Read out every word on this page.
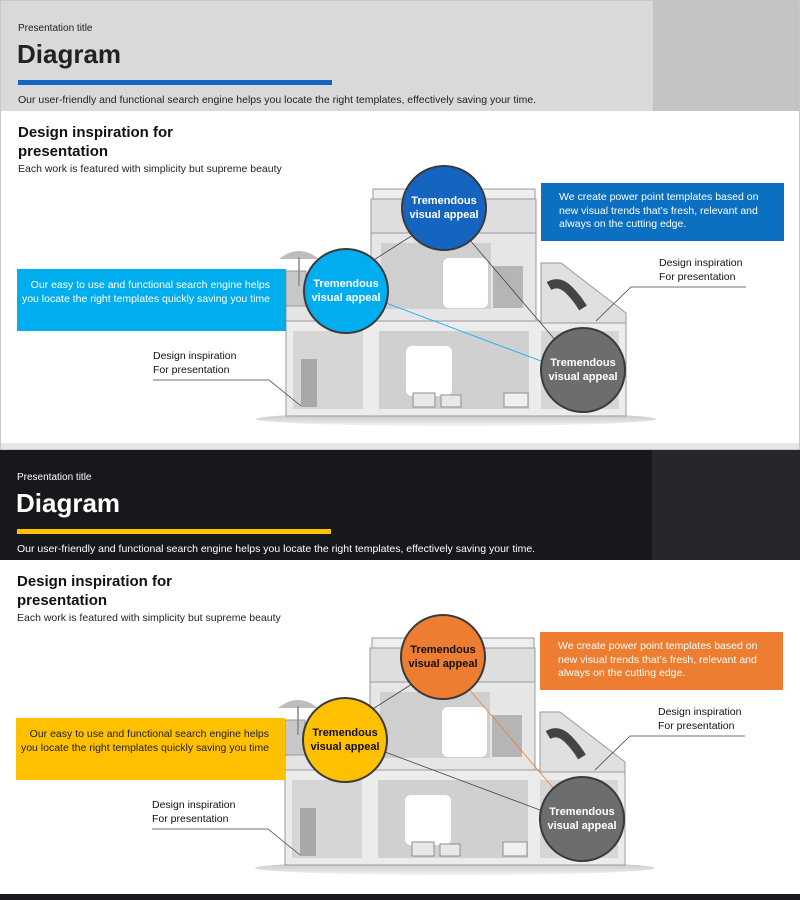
Presentation title
Diagram
Our user-friendly and functional search engine helps you locate the right templates, effectively saving your time.
Design inspiration for presentation
Each work is featured with simplicity but supreme beauty
Our easy to use and functional search engine helps you locate the right templates quickly saving you time
We create power point templates based on new visual trends that’s fresh, relevant and always on the cutting edge.
Design inspiration
For presentation
Design inspiration
For presentation
Tremendous visual appeal
Tremendous visual appeal
Tremendous visual appeal
Presentation title
Diagram
Our user-friendly and functional search engine helps you locate the right templates, effectively saving your time.
Design inspiration for presentation
Each work is featured with simplicity but supreme beauty
Our easy to use and functional search engine helps you locate the right templates quickly saving you time
We create power point templates based on new visual trends that’s fresh, relevant and always on the cutting edge.
Design inspiration
For presentation
Design inspiration
For presentation
Tremendous visual appeal
Tremendous visual appeal
Tremendous visual appeal
